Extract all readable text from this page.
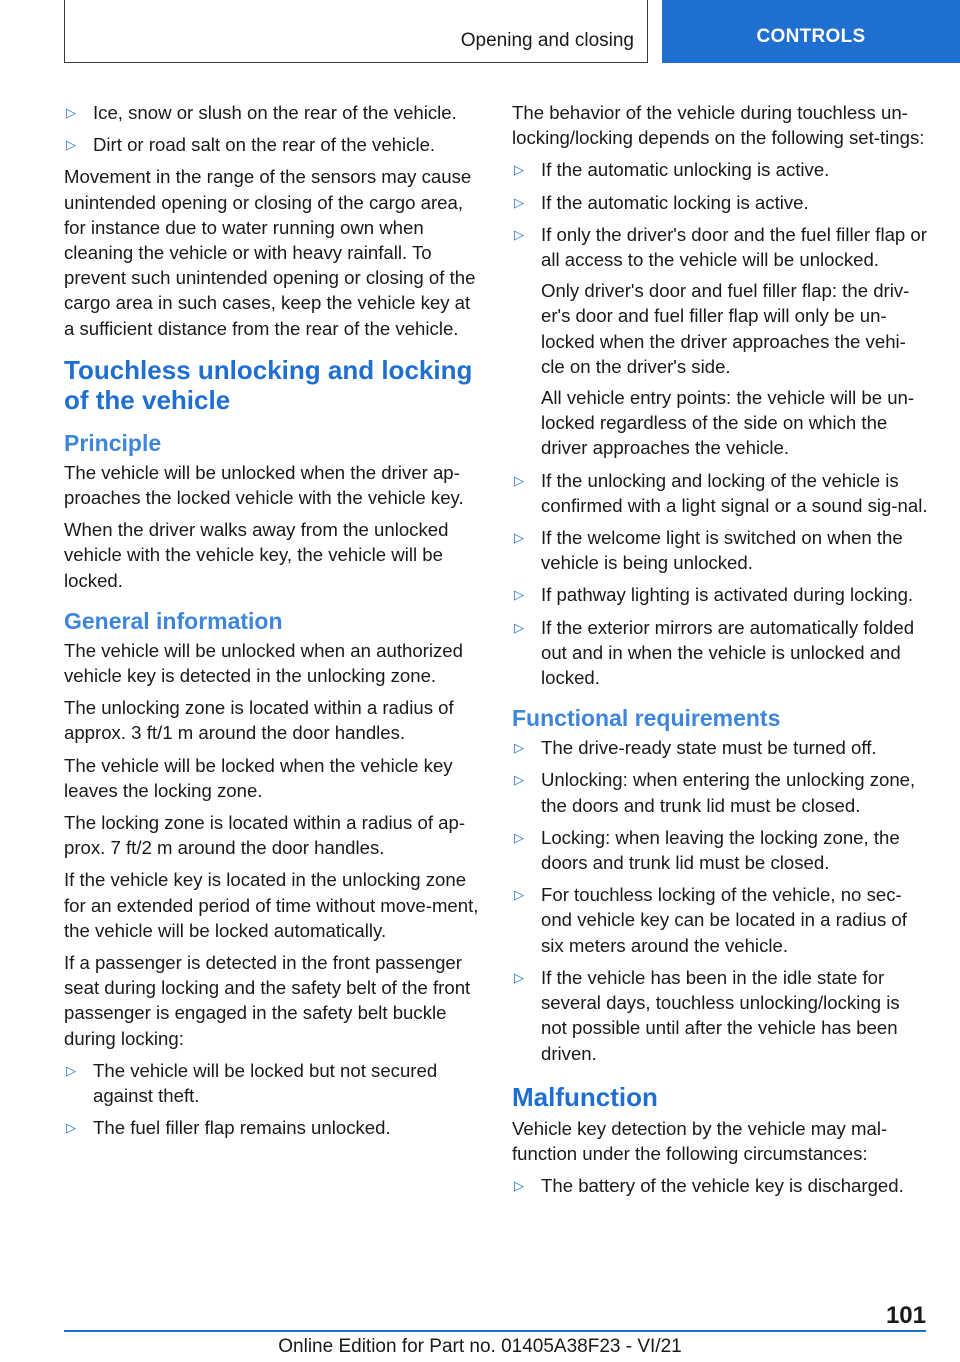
Opening and closing	CONTROLS
▷ Ice, snow or slush on the rear of the vehicle.
▷ Dirt or road salt on the rear of the vehicle.

Movement in the range of the sensors may cause unintended opening or closing of the cargo area, for instance due to water running own when cleaning the vehicle or with heavy rainfall. To prevent such unintended opening or closing of the cargo area in such cases, keep the vehicle key at a sufficient distance from the rear of the vehicle.

Touchless unlocking and locking of the vehicle
Principle

The vehicle will be unlocked when the driver ap-proaches the locked vehicle with the vehicle key.

When the driver walks away from the unlocked vehicle with the vehicle key, the vehicle will be locked.

General information

The vehicle will be unlocked when an authorized vehicle key is detected in the unlocking zone.

The unlocking zone is located within a radius of approx. 3 ft/1 m around the door handles.

The vehicle will be locked when the vehicle key leaves the locking zone.

The locking zone is located within a radius of ap-prox. 7 ft/2 m around the door handles.

If the vehicle key is located in the unlocking zone for an extended period of time without move-ment, the vehicle will be locked automatically.

If a passenger is detected in the front passenger seat during locking and the safety belt of the front passenger is engaged in the safety belt buckle during locking:

▷ The vehicle will be locked but not secured against theft.
▷ The fuel filler flap remains unlocked.

The behavior of the vehicle during touchless un-locking/locking depends on the following set-tings:

▷ If the automatic unlocking is active.
▷ If the automatic locking is active.
▷ If only the driver's door and the fuel filler flap or all access to the vehicle will be unlocked.
Only driver's door and fuel filler flap: the driv-er's door and fuel filler flap will only be un-locked when the driver approaches the vehi-cle on the driver's side.
All vehicle entry points: the vehicle will be un-locked regardless of the side on which the driver approaches the vehicle.
▷ If the unlocking and locking of the vehicle is confirmed with a light signal or a sound sig-nal.
▷ If the welcome light is switched on when the vehicle is being unlocked.
▷ If pathway lighting is activated during locking.
▷ If the exterior mirrors are automatically folded out and in when the vehicle is unlocked and locked.
Functional requirements
▷ The drive-ready state must be turned off.
▷ Unlocking: when entering the unlocking zone, the doors and trunk lid must be closed.
▷ Locking: when leaving the locking zone, the doors and trunk lid must be closed.
▷ For touchless locking of the vehicle, no sec-ond vehicle key can be located in a radius of six meters around the vehicle.
▷ If the vehicle has been in the idle state for several days, touchless unlocking/locking is not possible until after the vehicle has been driven.
Malfunction

Vehicle key detection by the vehicle may mal-function under the following circumstances:

▷ The battery of the vehicle key is discharged.
101
Online Edition for Part no. 01405A38F23 - VI/21
